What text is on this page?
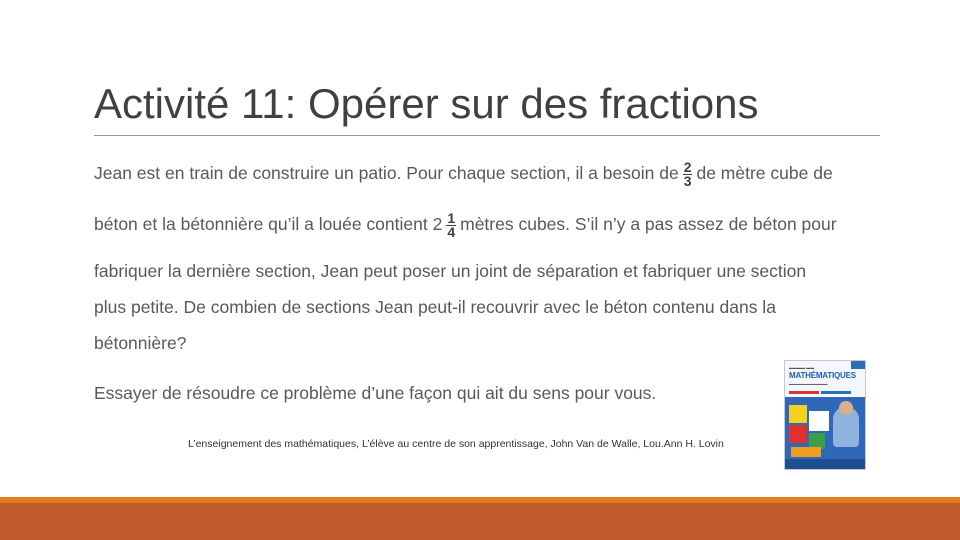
Activité 11: Opérer sur des fractions
Jean est en train de construire un patio. Pour chaque section, il a besoin de $\frac{2}{3}$ de mètre cube de
béton et la bétonnière qu’il a louée contient $2 \frac{1}{4}$ mètres cubes. S’il n’y a pas assez de béton pour
fabriquer la dernière section, Jean peut poser un joint de séparation et fabriquer une section
plus petite. De combien de sections Jean peut-il recouvrir avec le béton contenu dans la
bétonnière?
Essayer de résoudre ce problème d’une façon qui ait du sens pour vous.
L’enseignement des mathématiques, L’élève au centre de son apprentissage, John Van de Walle, Lou.Ann H. Lovin
▬▬▬▬ ▬▬
MATHÉMATIQUES
▬▬▬▬▬▬▬▬▬▬▬
